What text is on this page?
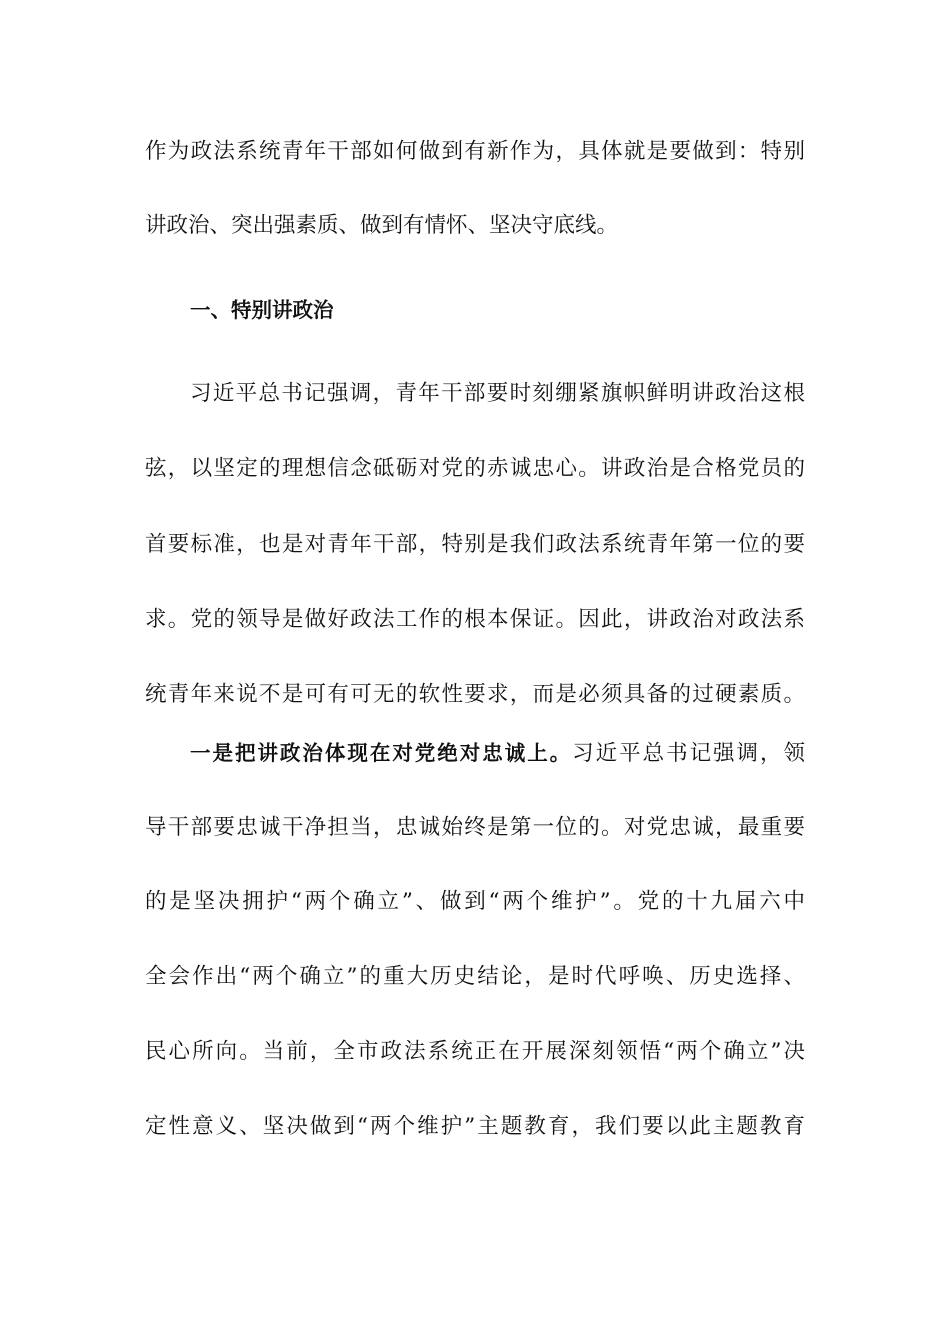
作为政法系统青年干部如何做到有新作为，具体就是要做到：特别
讲政治、突出强素质、做到有情怀、坚决守底线。
一、特别讲政治
习近平总书记强调，青年干部要时刻绷紧旗帜鲜明讲政治这根
弦，以坚定的理想信念砥砺对党的赤诚忠心。讲政治是合格党员的
首要标准，也是对青年干部，特别是我们政法系统青年第一位的要
求。党的领导是做好政法工作的根本保证。因此，讲政治对政法系
统青年来说不是可有可无的软性要求，而是必须具备的过硬素质。
一是把讲政治体现在对党绝对忠诚上。习近平总书记强调，领
导干部要忠诚干净担当，忠诚始终是第一位的。对党忠诚，最重要
的是坚决拥护“两个确立”、做到“两个维护”。党的十九届六中
全会作出“两个确立”的重大历史结论，是时代呼唤、历史选择、
民心所向。当前，全市政法系统正在开展深刻领悟“两个确立”决
定性意义、坚决做到“两个维护”主题教育，我们要以此主题教育
